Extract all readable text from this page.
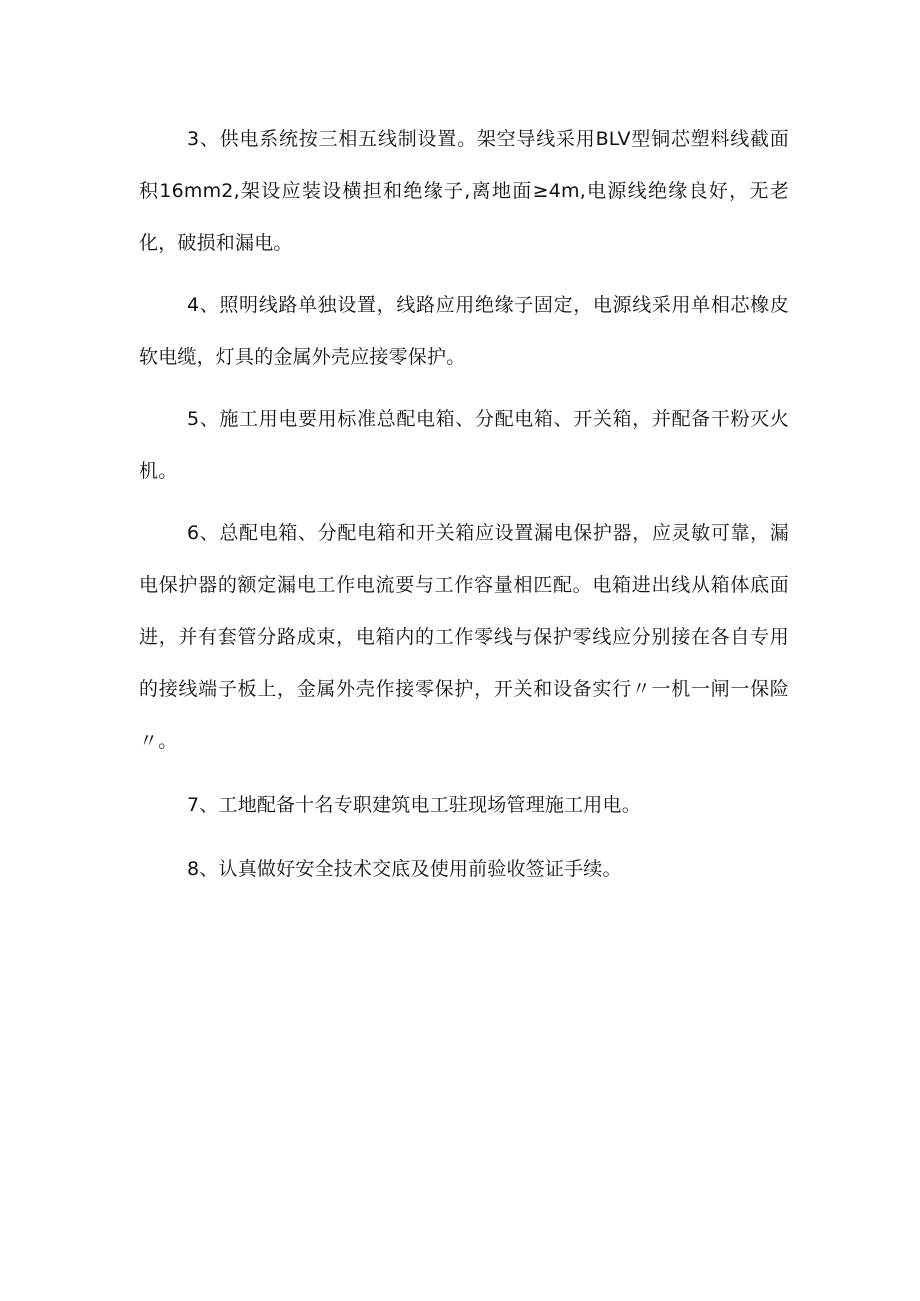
3、供电系统按三相五线制设置。架空导线采用BLV型铜芯塑料线截面积16mm2,架设应装设横担和绝缘子,离地面≥4m,电源线绝缘良好，无老化，破损和漏电。

4、照明线路单独设置，线路应用绝缘子固定，电源线采用单相芯橡皮软电缆，灯具的金属外壳应接零保护。

5、施工用电要用标准总配电箱、分配电箱、开关箱，并配备干粉灭火机。

6、总配电箱、分配电箱和开关箱应设置漏电保护器，应灵敏可靠，漏电保护器的额定漏电工作电流要与工作容量相匹配。电箱进出线从箱体底面进，并有套管分路成束，电箱内的工作零线与保护零线应分别接在各自专用的接线端子板上，金属外壳作接零保护，开关和设备实行〃一机一闸一保险〃。

7、工地配备十名专职建筑电工驻现场管理施工用电。

8、认真做好安全技术交底及使用前验收签证手续。
